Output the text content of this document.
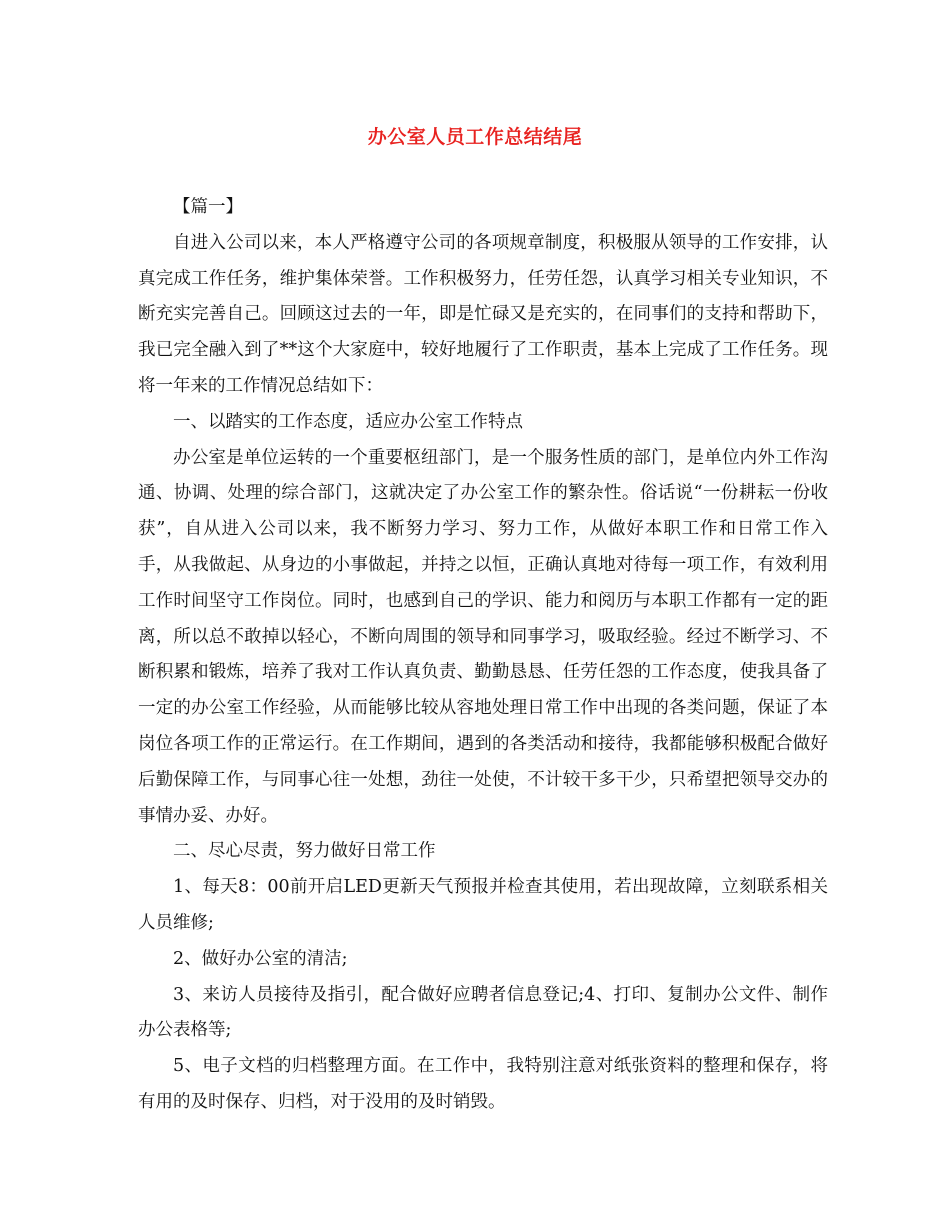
办公室人员工作总结结尾

【篇一】

自进入公司以来，本人严格遵守公司的各项规章制度，积极服从领导的工作安排，认真完成工作任务，维护集体荣誉。工作积极努力，任劳任怨，认真学习相关专业知识，不断充实完善自己。回顾这过去的一年，即是忙碌又是充实的，在同事们的支持和帮助下，我已完全融入到了**这个大家庭中，较好地履行了工作职责，基本上完成了工作任务。现将一年来的工作情况总结如下：

一、以踏实的工作态度，适应办公室工作特点

办公室是单位运转的一个重要枢纽部门，是一个服务性质的部门，是单位内外工作沟通、协调、处理的综合部门，这就决定了办公室工作的繁杂性。俗话说“一份耕耘一份收获”，自从进入公司以来，我不断努力学习、努力工作，从做好本职工作和日常工作入手，从我做起、从身边的小事做起，并持之以恒，正确认真地对待每一项工作，有效利用工作时间坚守工作岗位。同时，也感到自己的学识、能力和阅历与本职工作都有一定的距离，所以总不敢掉以轻心，不断向周围的领导和同事学习，吸取经验。经过不断学习、不断积累和锻炼，培养了我对工作认真负责、勤勤恳恳、任劳任怨的工作态度，使我具备了一定的办公室工作经验，从而能够比较从容地处理日常工作中出现的各类问题，保证了本岗位各项工作的正常运行。在工作期间，遇到的各类活动和接待，我都能够积极配合做好后勤保障工作，与同事心往一处想，劲往一处使，不计较干多干少，只希望把领导交办的事情办妥、办好。

二、尽心尽责，努力做好日常工作

1、每天8：00前开启LED更新天气预报并检查其使用，若出现故障，立刻联系相关人员维修;

2、做好办公室的清洁;

3、来访人员接待及指引，配合做好应聘者信息登记;4、打印、复制办公文件、制作办公表格等;

5、电子文档的归档整理方面。在工作中，我特别注意对纸张资料的整理和保存，将有用的及时保存、归档，对于没用的及时销毁。
